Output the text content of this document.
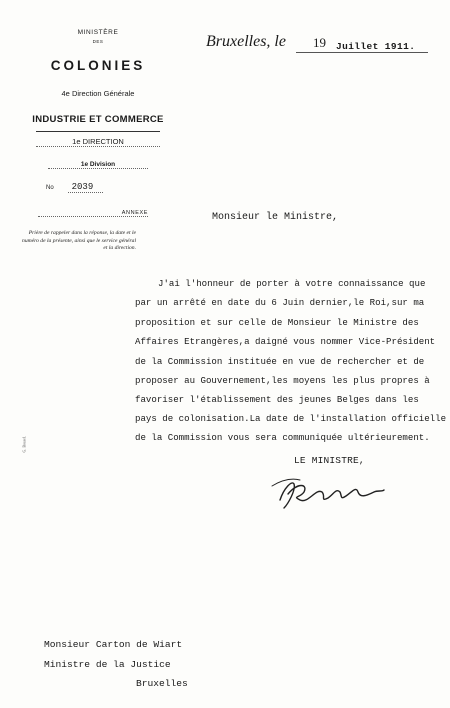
MINISTÈRE
DES
COLONIES
4e Direction Générale
INDUSTRIE ET COMMERCE
1e DIRECTION
1e Division
No 2039
ANNEXE
Prière de rappeler dans la réponse, la date et le numéro de la présente, ainsi que le service général et la direction.
G. Bossel.
Bruxelles, le 19 Juillet 1911.
Monsieur le Ministre,
J'ai l'honneur de porter à votre connaissance que
par un arrêté en date du 6 Juin dernier,le Roi,sur ma
proposition et sur celle de Monsieur le Ministre des
Affaires Etrangères,a daigné vous nommer Vice-Président
de la Commission instituée en vue de rechercher et de
proposer au Gouvernement,les moyens les plus propres à
favoriser l'établissement des jeunes Belges dans les
pays de colonisation.La date de l'installation officielle
de la Commission vous sera communiquée ultérieurement.
LE MINISTRE,
Monsieur Carton de Wiart
Ministre de la Justice
Bruxelles
